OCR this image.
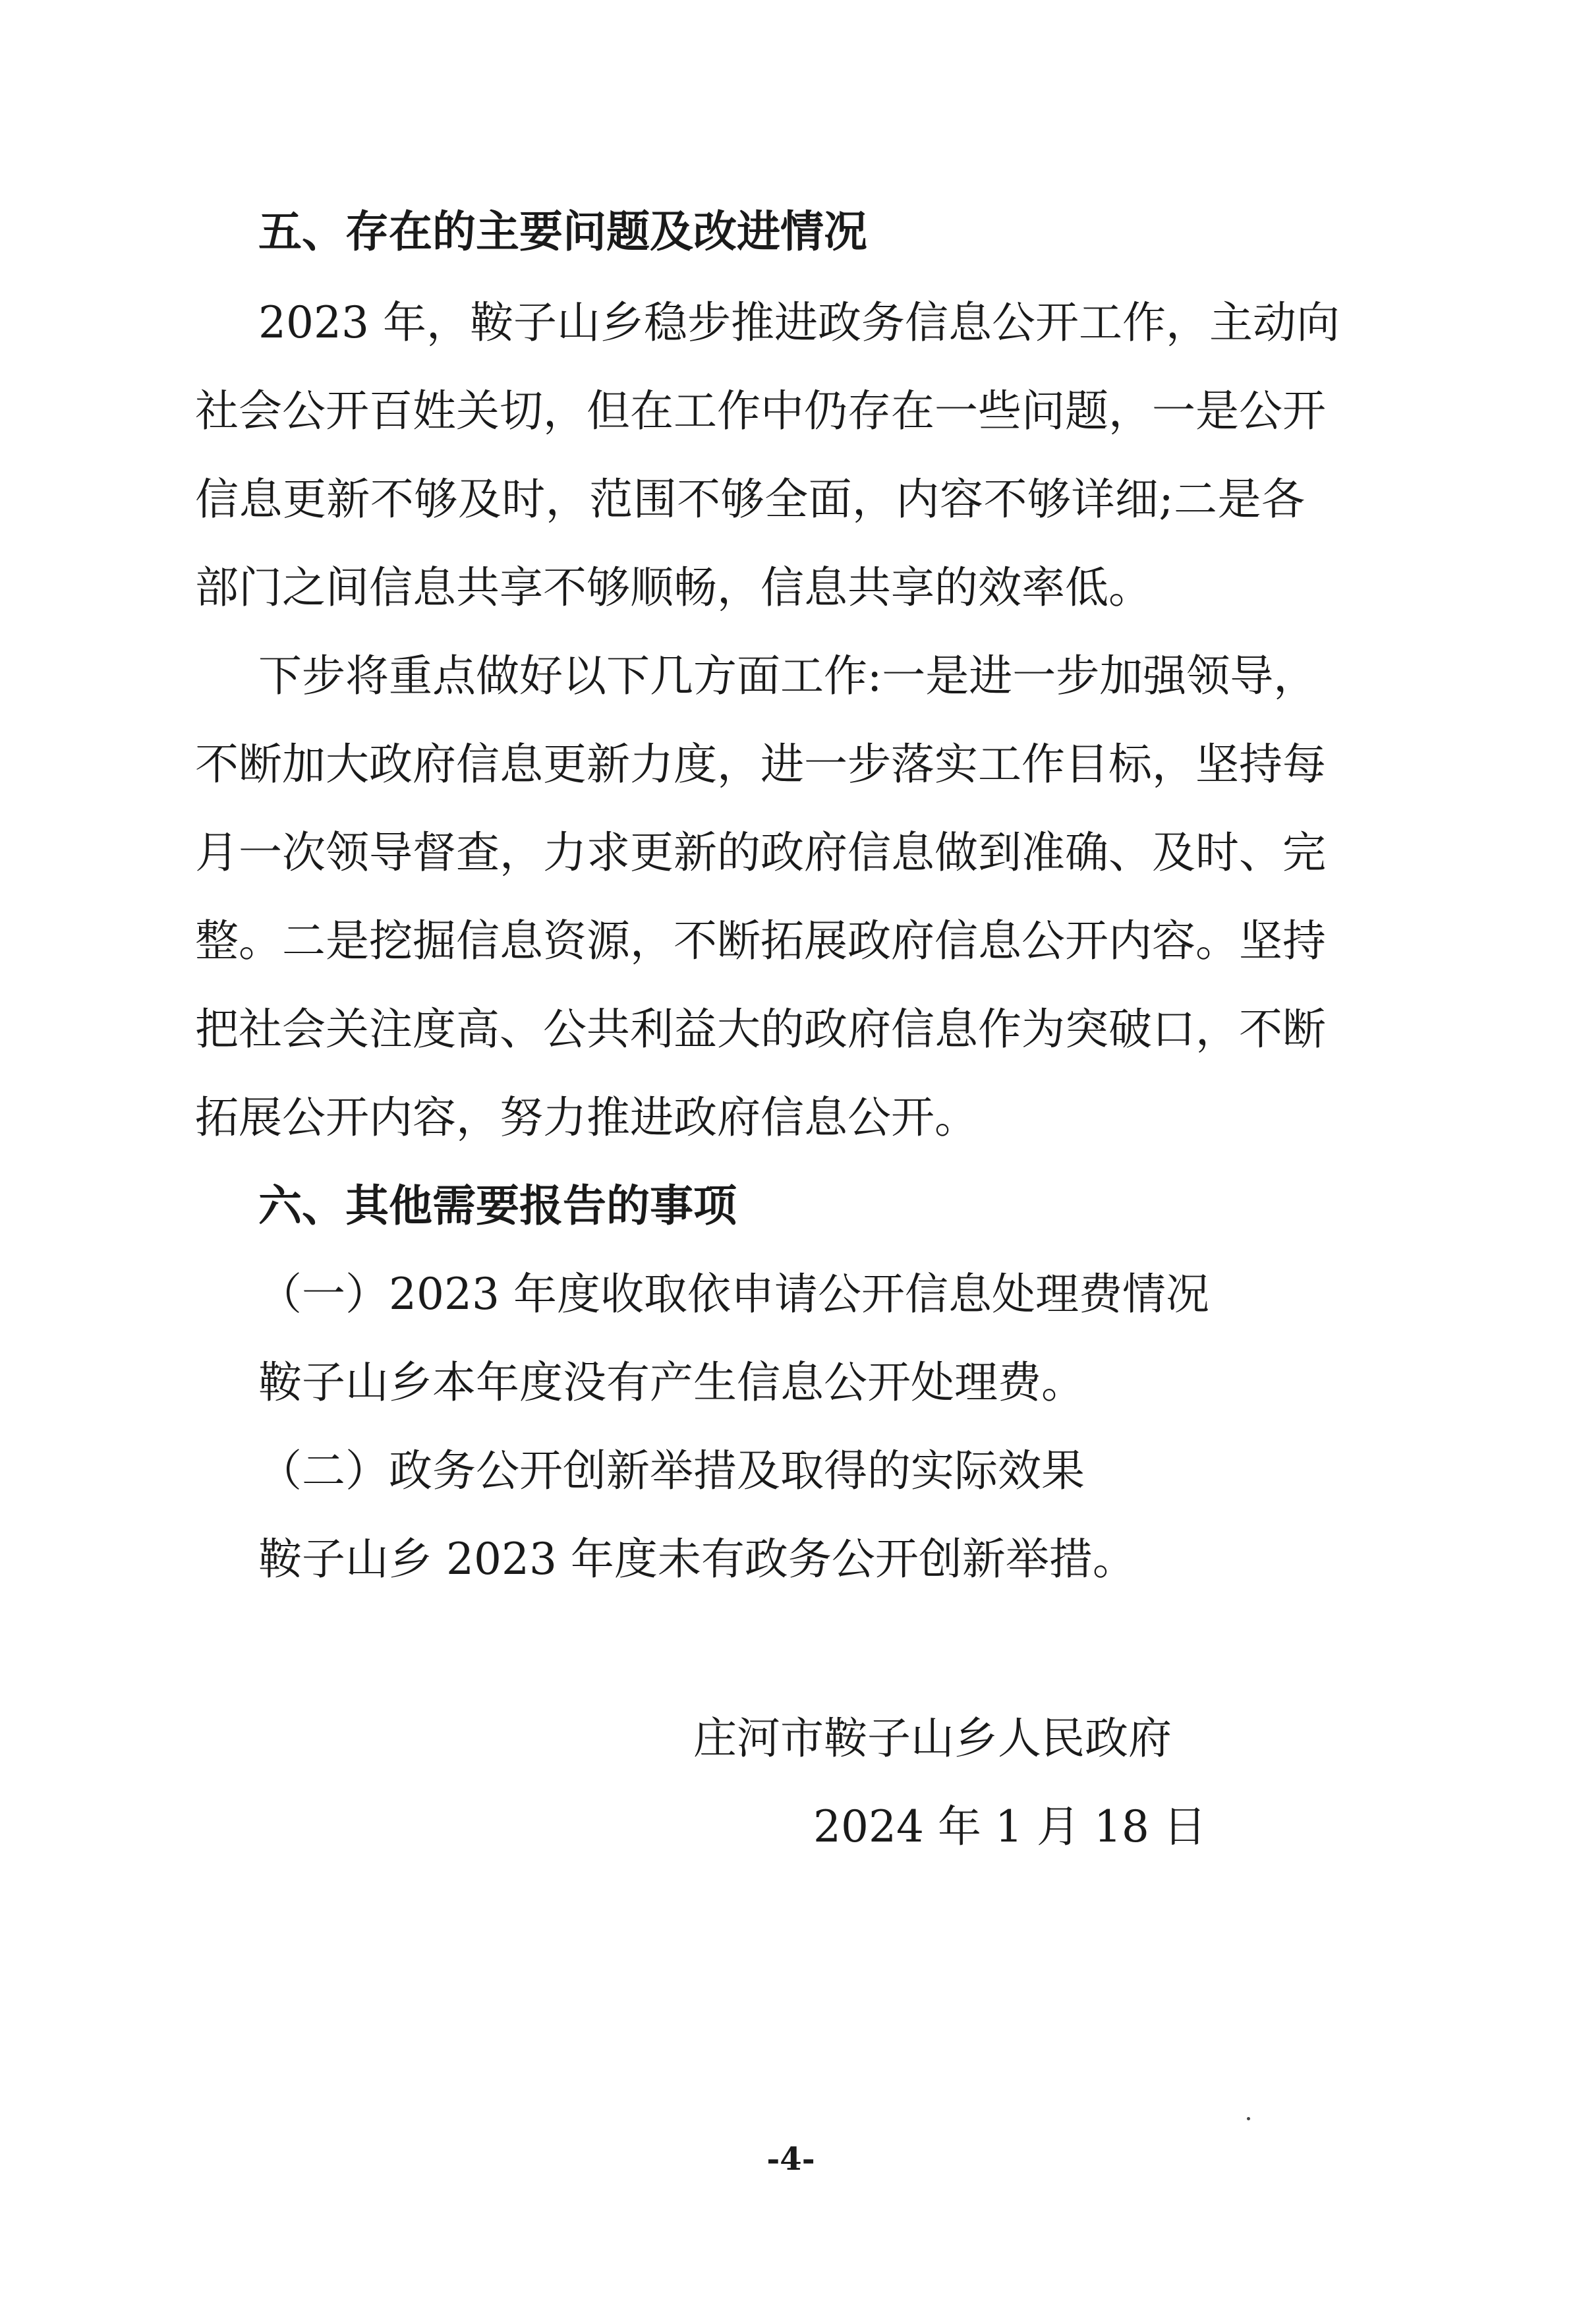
五、存在的主要问题及改进情况
2023 年，鞍子山乡稳步推进政务信息公开工作，主动向
社会公开百姓关切，但在工作中仍存在一些问题，一是公开
信息更新不够及时，范围不够全面，内容不够详细;二是各
部门之间信息共享不够顺畅，信息共享的效率低。
下步将重点做好以下几方面工作:一是进一步加强领导，
不断加大政府信息更新力度，进一步落实工作目标，坚持每
月一次领导督查，力求更新的政府信息做到准确、及时、完
整。二是挖掘信息资源，不断拓展政府信息公开内容。坚持
把社会关注度高、公共利益大的政府信息作为突破口，不断
拓展公开内容，努力推进政府信息公开。
六、其他需要报告的事项
（一）2023 年度收取依申请公开信息处理费情况
鞍子山乡本年度没有产生信息公开处理费。
（二）政务公开创新举措及取得的实际效果
鞍子山乡 2023 年度未有政务公开创新举措。
庄河市鞍子山乡人民政府
2024 年 1 月 18 日
-4-
